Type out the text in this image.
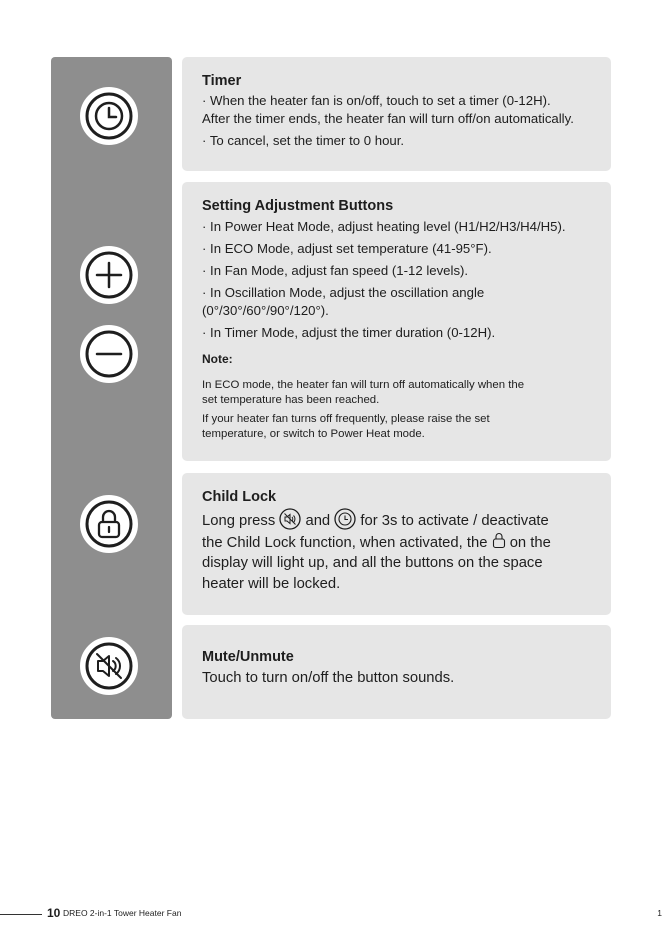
Timer

· When the heater fan is on/off, touch to set a timer (0-12H).

After the timer ends, the heater fan will turn off/on automatically.

· To cancel, set the timer to 0 hour.

Setting Adjustment Buttons

· In Power Heat Mode, adjust heating level (H1/H2/H3/H4/H5).

· In ECO Mode, adjust set temperature (41-95°F).

· In Fan Mode, adjust fan speed (1-12 levels).

· In Oscillation Mode, adjust the oscillation angle

(0°/30°/60°/90°/120°).

· In Timer Mode, adjust the timer duration (0-12H).

Note:

In ECO mode, the heater fan will turn off automatically when the

set temperature has been reached.

If your heater fan turns off frequently, please raise the set

temperature, or switch to Power Heat mode.

Child Lock

Long press and for 3s to activate / deactivate

the Child Lock function, when activated, the on the

display will light up, and all the buttons on the space

heater will be locked.

Mute/Unmute

Touch to turn on/off the button sounds.

10 DREO 2-in-1 Tower Heater Fan	1
